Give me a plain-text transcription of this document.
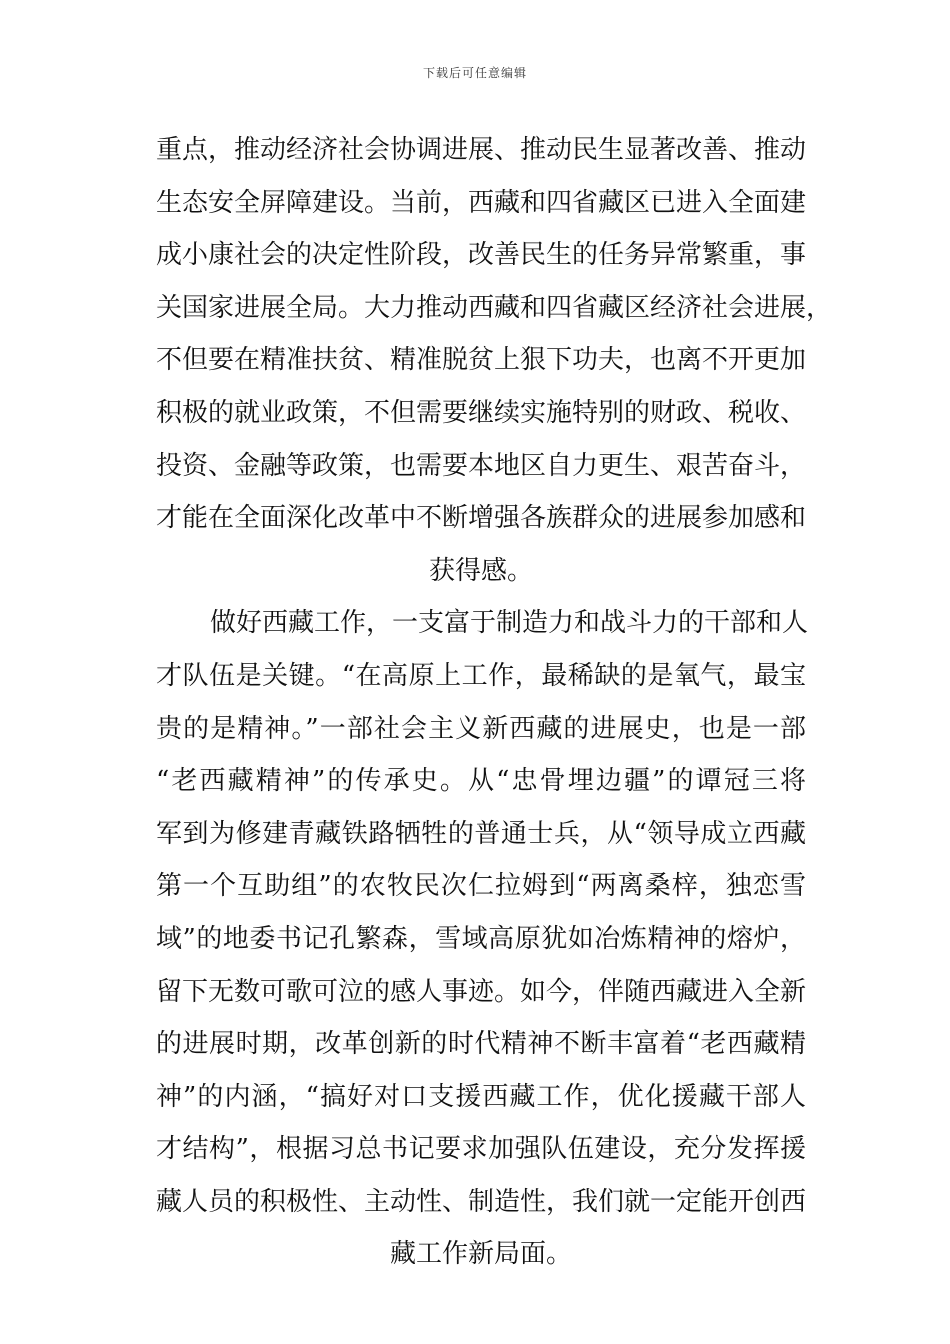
下载后可任意编辑
重点，推动经济社会协调进展、推动民生显著改善、推动
生态安全屏障建设。当前，西藏和四省藏区已进入全面建
成小康社会的决定性阶段，改善民生的任务异常繁重，事
关国家进展全局。大力推动西藏和四省藏区经济社会进展，
不但要在精准扶贫、精准脱贫上狠下功夫，也离不开更加
积极的就业政策，不但需要继续实施特别的财政、税收、
投资、金融等政策，也需要本地区自力更生、艰苦奋斗，
才能在全面深化改革中不断增强各族群众的进展参加感和
获得感。
做好西藏工作，一支富于制造力和战斗力的干部和人
才队伍是关键。“在高原上工作，最稀缺的是氧气，最宝
贵的是精神。”一部社会主义新西藏的进展史，也是一部
“老西藏精神”的传承史。从“忠骨埋边疆”的谭冠三将
军到为修建青藏铁路牺牲的普通士兵，从“领导成立西藏
第一个互助组”的农牧民次仁拉姆到“两离桑梓，独恋雪
域”的地委书记孔繁森，雪域高原犹如冶炼精神的熔炉，
留下无数可歌可泣的感人事迹。如今，伴随西藏进入全新
的进展时期，改革创新的时代精神不断丰富着“老西藏精
神”的内涵，“搞好对口支援西藏工作，优化援藏干部人
才结构”，根据习总书记要求加强队伍建设，充分发挥援
藏人员的积极性、主动性、制造性，我们就一定能开创西
藏工作新局面。
